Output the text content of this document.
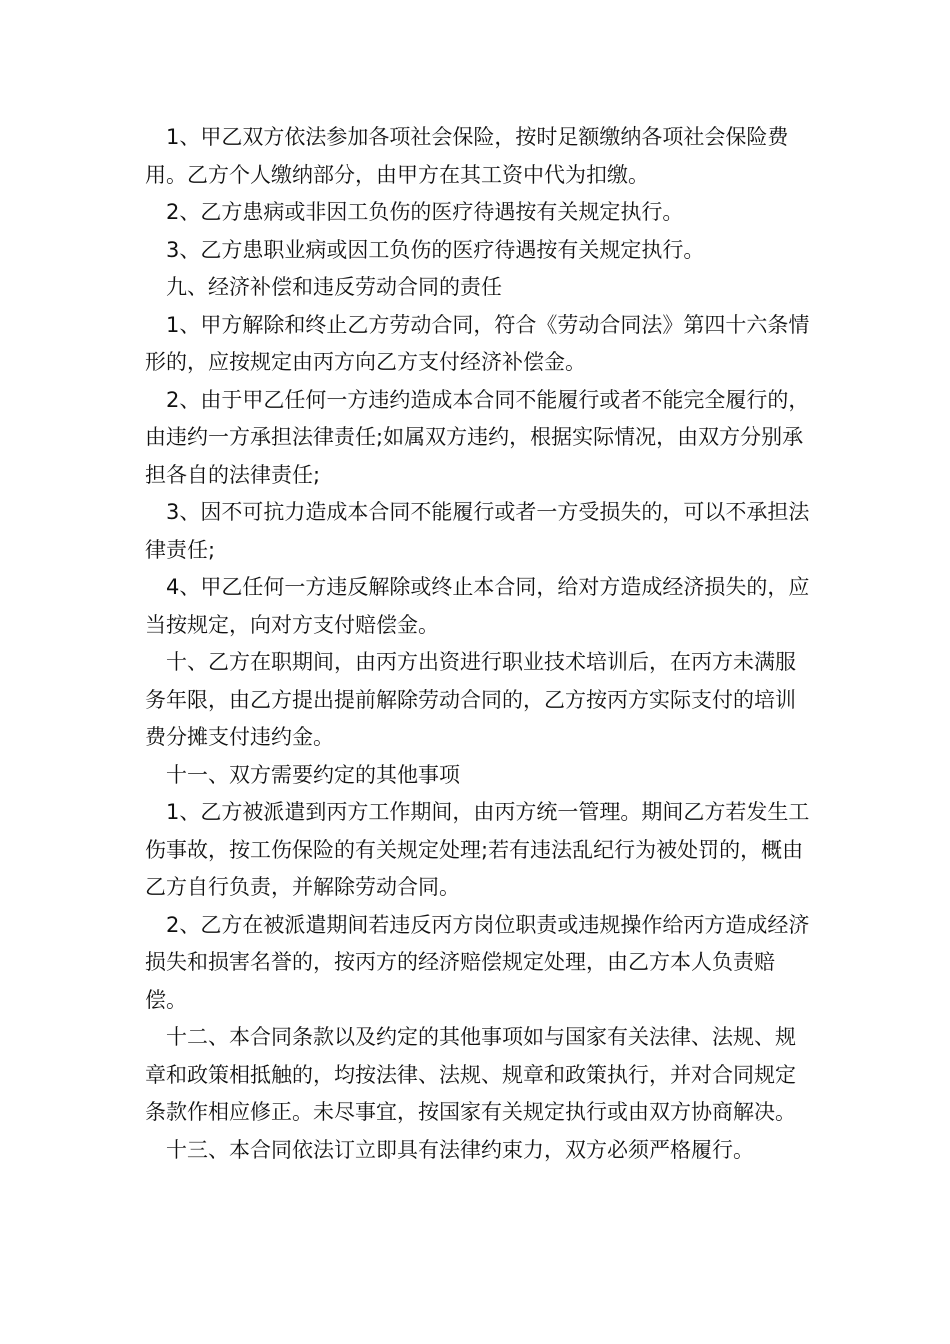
1、甲乙双方依法参加各项社会保险，按时足额缴纳各项社会保险费用。乙方个人缴纳部分，由甲方在其工资中代为扣缴。

2、乙方患病或非因工负伤的医疗待遇按有关规定执行。

3、乙方患职业病或因工负伤的医疗待遇按有关规定执行。

九、经济补偿和违反劳动合同的责任

1、甲方解除和终止乙方劳动合同，符合《劳动合同法》第四十六条情形的，应按规定由丙方向乙方支付经济补偿金。

2、由于甲乙任何一方违约造成本合同不能履行或者不能完全履行的，由违约一方承担法律责任;如属双方违约，根据实际情况，由双方分别承担各自的法律责任;

3、因不可抗力造成本合同不能履行或者一方受损失的，可以不承担法律责任;

4、甲乙任何一方违反解除或终止本合同，给对方造成经济损失的，应当按规定，向对方支付赔偿金。

十、乙方在职期间，由丙方出资进行职业技术培训后，在丙方未满服务年限，由乙方提出提前解除劳动合同的，乙方按丙方实际支付的培训费分摊支付违约金。

十一、双方需要约定的其他事项

1、乙方被派遣到丙方工作期间，由丙方统一管理。期间乙方若发生工 伤事故，按工伤保险的有关规定处理;若有违法乱纪行为被处罚的，概由乙方自行负责，并解除劳动合同。

2、乙方在被派遣期间若违反丙方岗位职责或违规操作给丙方造成经济损失和损害名誉的，按丙方的经济赔偿规定处理，由乙方本人负责赔偿。

十二、本合同条款以及约定的其他事项如与国家有关法律、法规、规章和政策相抵触的，均按法律、法规、规章和政策执行，并对合同规定条款作相应修正。未尽事宜，按国家有关规定执行或由双方协商解决。

十三、本合同依法订立即具有法律约束力，双方必须严格履行。
